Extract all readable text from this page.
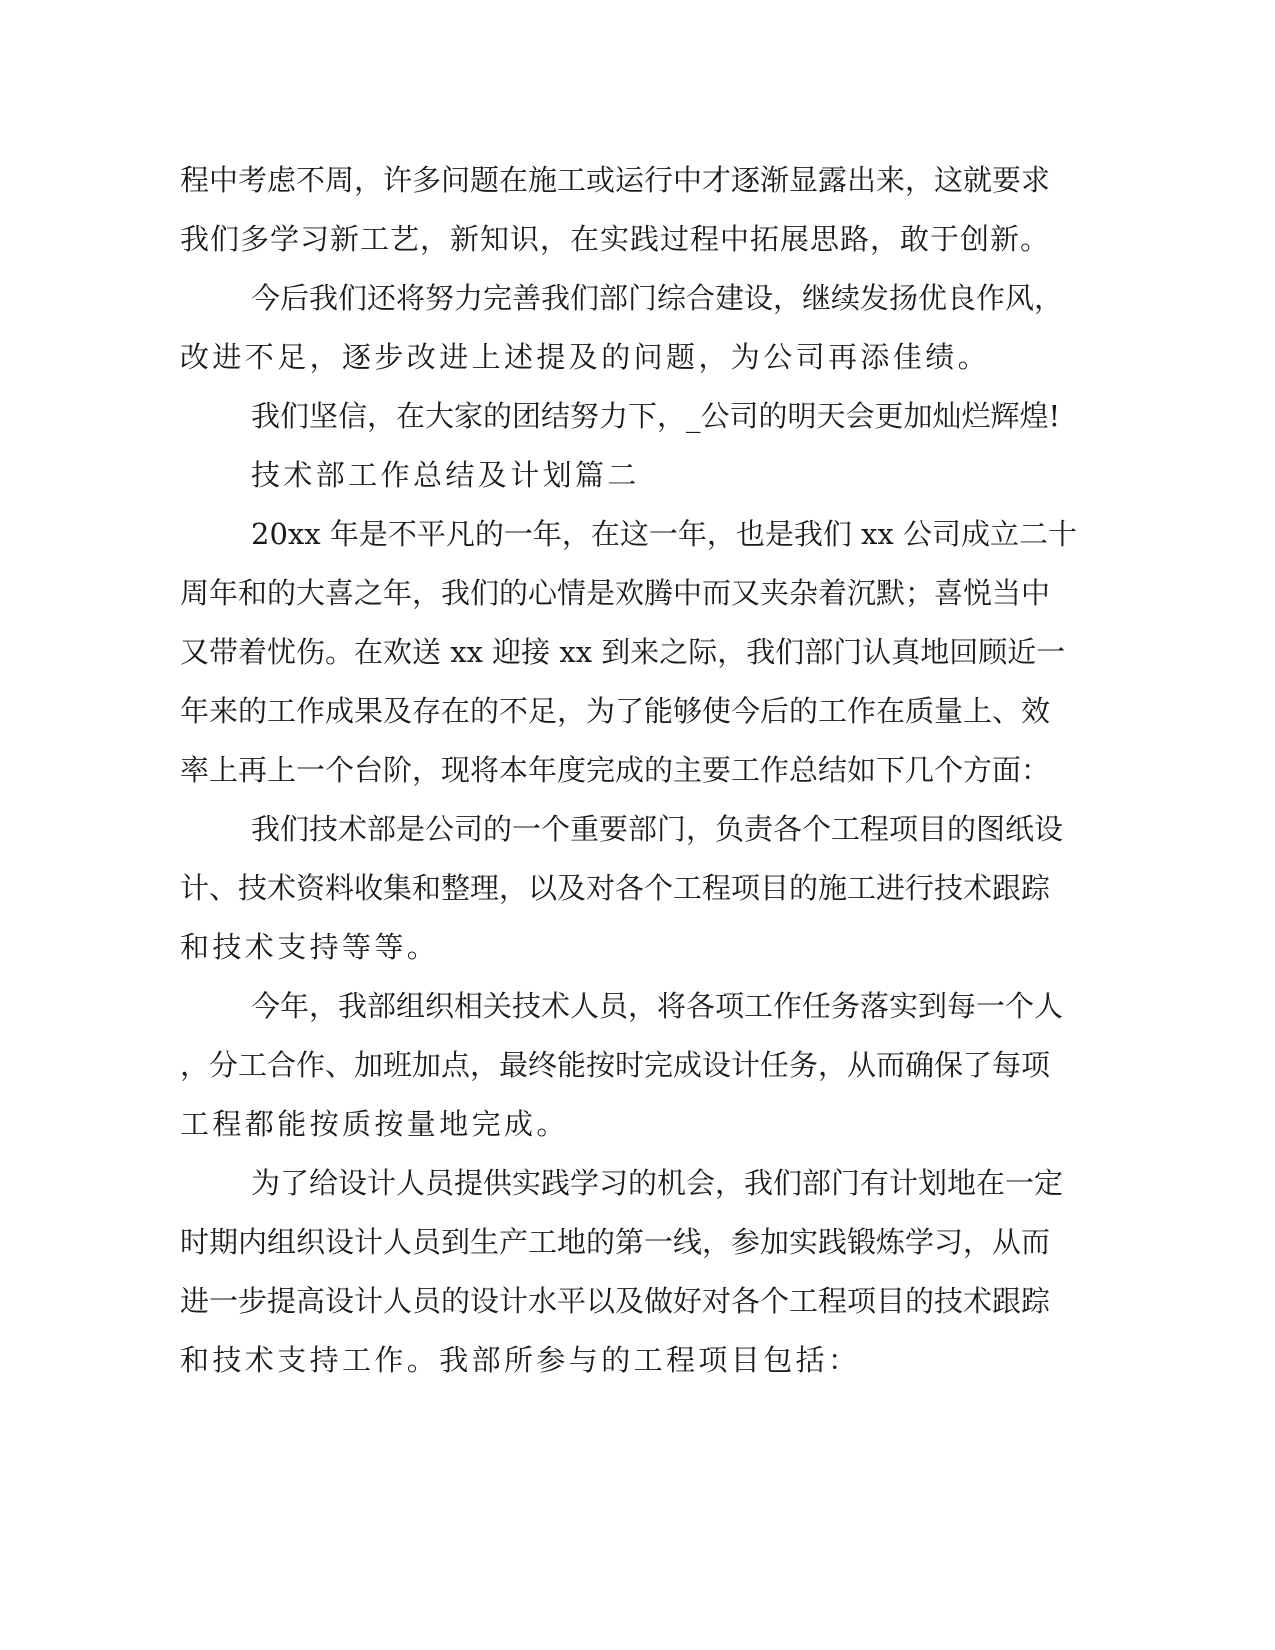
程中考虑不周，许多问题在施工或运行中才逐渐显露出来，这就要求

我们多学习新工艺，新知识，在实践过程中拓展思路，敢于创新。

今后我们还将努力完善我们部门综合建设，继续发扬优良作风，

改进不足，逐步改进上述提及的问题，为公司再添佳绩。

我们坚信，在大家的团结努力下，_公司的明天会更加灿烂辉煌!

技术部工作总结及计划篇二

20xx 年是不平凡的一年，在这一年，也是我们 xx 公司成立二十

周年和的大喜之年，我们的心情是欢腾中而又夹杂着沉默；喜悦当中

又带着忧伤。在欢送 xx 迎接 xx 到来之际，我们部门认真地回顾近一

年来的工作成果及存在的不足，为了能够使今后的工作在质量上、效

率上再上一个台阶，现将本年度完成的主要工作总结如下几个方面：

我们技术部是公司的一个重要部门，负责各个工程项目的图纸设

计、技术资料收集和整理，以及对各个工程项目的施工进行技术跟踪

和技术支持等等。

今年，我部组织相关技术人员，将各项工作任务落实到每一个人

，分工合作、加班加点，最终能按时完成设计任务，从而确保了每项

工程都能按质按量地完成。

为了给设计人员提供实践学习的机会，我们部门有计划地在一定

时期内组织设计人员到生产工地的第一线，参加实践锻炼学习，从而

进一步提高设计人员的设计水平以及做好对各个工程项目的技术跟踪

和技术支持工作。我部所参与的工程项目包括：
